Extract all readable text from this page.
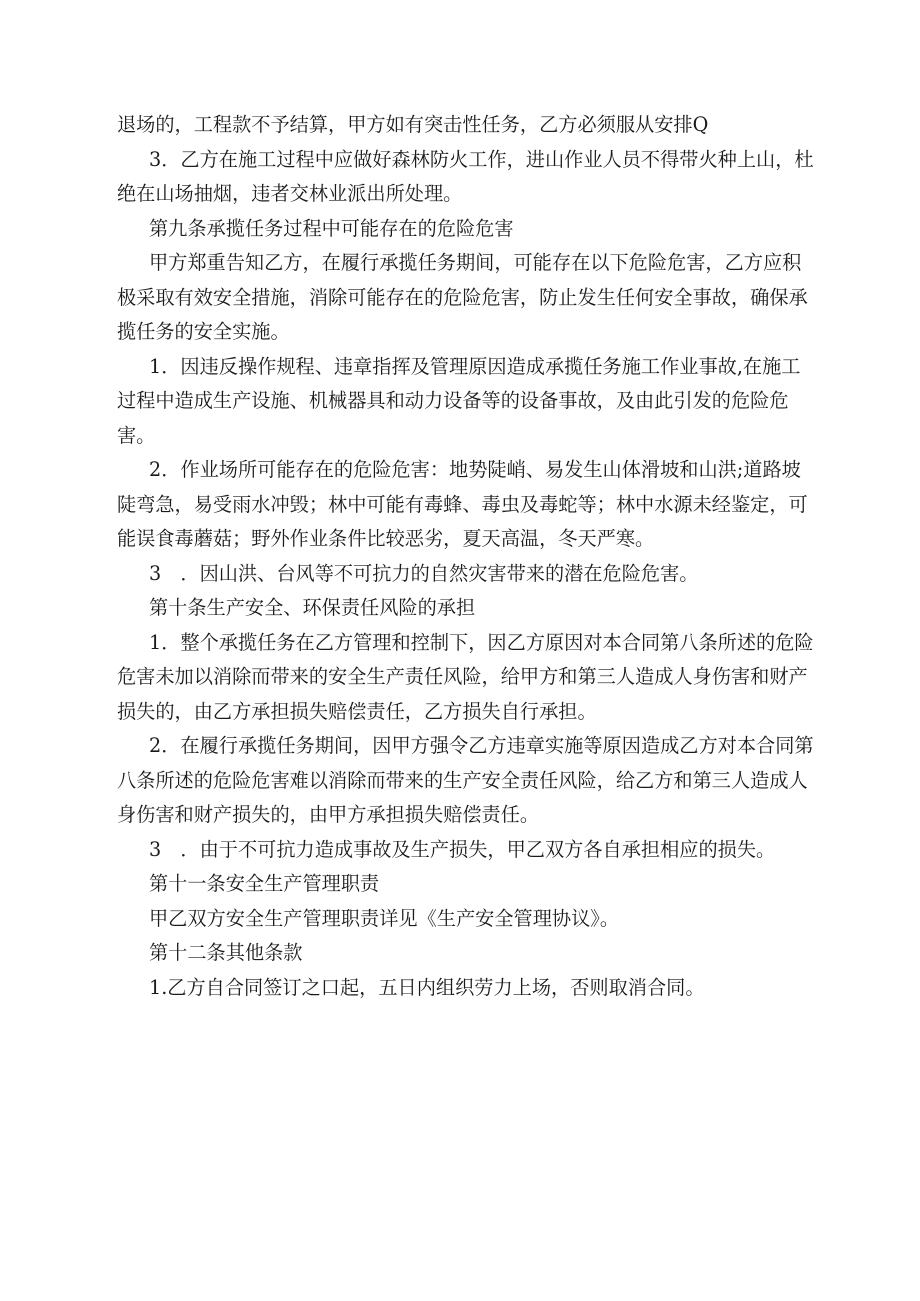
退场的，工程款不予结算，甲方如有突击性任务，乙方必须服从安排Q

3．乙方在施工过程中应做好森林防火工作，进山作业人员不得带火种上山，杜绝在山场抽烟，违者交林业派出所处理。

第九条承揽任务过程中可能存在的危险危害

甲方郑重告知乙方，在履行承揽任务期间，可能存在以下危险危害，乙方应积极采取有效安全措施，消除可能存在的危险危害，防止发生任何安全事故，确保承揽任务的安全实施。

1．因违反操作规程、违章指挥及管理原因造成承揽任务施工作业事故,在施工过程中造成生产设施、机械器具和动力设备等的设备事故，及由此引发的危险危害。

2．作业场所可能存在的危险危害：地势陡峭、易发生山体滑坡和山洪;道路坡陡弯急，易受雨水冲毁；林中可能有毒蜂、毒虫及毒蛇等；林中水源未经鉴定，可能误食毒蘑菇；野外作业条件比较恶劣，夏天高温，冬天严寒。

3　．因山洪、台风等不可抗力的自然灾害带来的潜在危险危害。

第十条生产安全、环保责任风险的承担

1．整个承揽任务在乙方管理和控制下，因乙方原因对本合同第八条所述的危险危害未加以消除而带来的安全生产责任风险，给甲方和第三人造成人身伤害和财产损失的，由乙方承担损失赔偿责任，乙方损失自行承担。

2．在履行承揽任务期间，因甲方强令乙方违章实施等原因造成乙方对本合同第八条所述的危险危害难以消除而带来的生产安全责任风险，给乙方和第三人造成人身伤害和财产损失的，由甲方承担损失赔偿责任。

3　．由于不可抗力造成事故及生产损失，甲乙双方各自承担相应的损失。

第十一条安全生产管理职责

甲乙双方安全生产管理职责详见《生产安全管理协议》。

第十二条其他条款

1.乙方自合同签订之口起，五日内组织劳力上场，否则取消合同。
